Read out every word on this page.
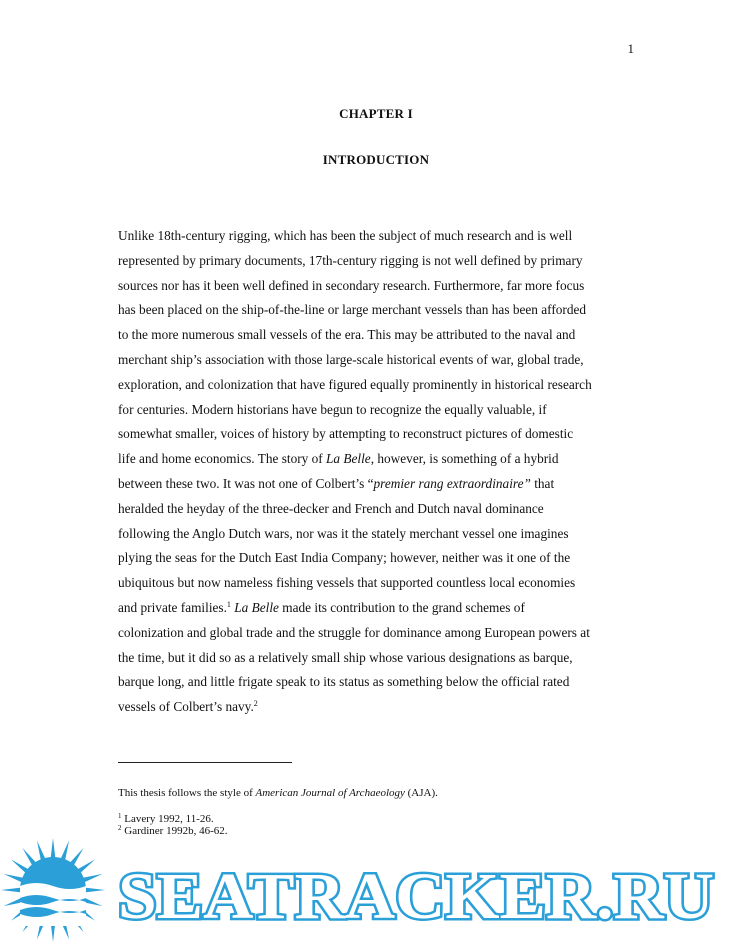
1
CHAPTER I
INTRODUCTION
Unlike 18th-century rigging, which has been the subject of much research and is well
represented by primary documents, 17th-century rigging is not well defined by primary
sources nor has it been well defined in secondary research. Furthermore, far more focus
has been placed on the ship-of-the-line or large merchant vessels than has been afforded
to the more numerous small vessels of the era. This may be attributed to the naval and
merchant ship’s association with those large-scale historical events of war, global trade,
exploration, and colonization that have figured equally prominently in historical research
for centuries. Modern historians have begun to recognize the equally valuable, if
somewhat smaller, voices of history by attempting to reconstruct pictures of domestic
life and home economics. The story of La Belle, however, is something of a hybrid
between these two. It was not one of Colbert’s “premier rang extraordinaire” that
heralded the heyday of the three-decker and French and Dutch naval dominance
following the Anglo Dutch wars, nor was it the stately merchant vessel one imagines
plying the seas for the Dutch East India Company; however, neither was it one of the
ubiquitous but now nameless fishing vessels that supported countless local economies
and private families.$^1$ La Belle made its contribution to the grand schemes of
colonization and global trade and the struggle for dominance among European powers at
the time, but it did so as a relatively small ship whose various designations as barque,
barque long, and little frigate speak to its status as something below the official rated
vessels of Colbert’s navy.$^2$
This thesis follows the style of American Journal of Archaeology (AJA).
$^1$ Lavery 1992, 11-26.
$^2$ Gardiner 1992b, 46-62.
SEATRACKER.RU
